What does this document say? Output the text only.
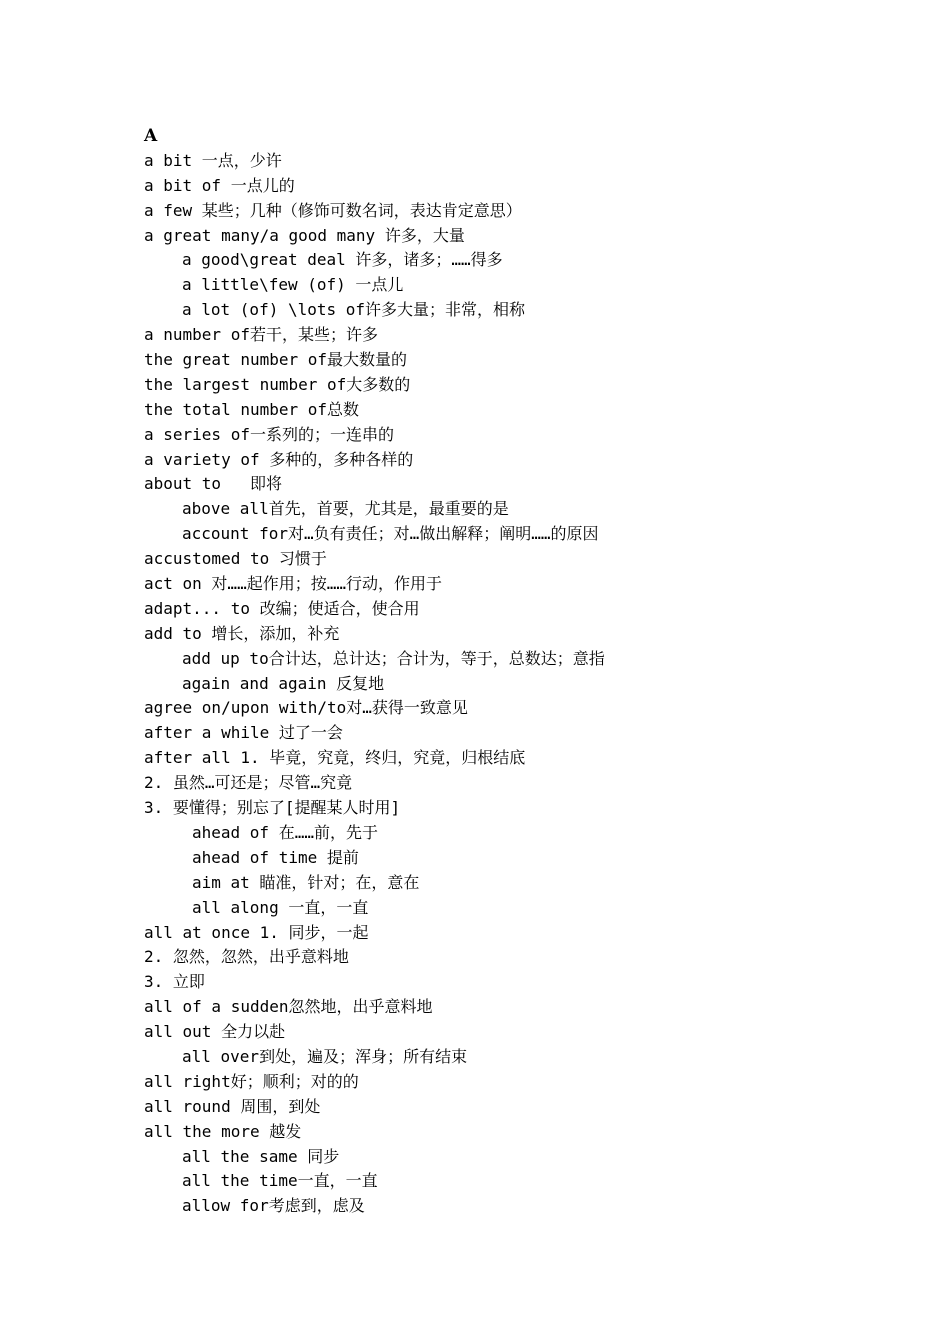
A
a bit 一点，少许
a bit of 一点儿的
a few 某些；几种（修饰可数名词，表达肯定意思）
a great many/a good many 许多，大量
a good\great deal 许多，诸多；……得多
a little\few (of) 一点儿
a lot (of) \lots of许多大量；非常，相称
a number of若干，某些；许多
the great number of最大数量的
the largest number of大多数的
the total number of总数
a series of一系列的；一连串的
a variety of 多种的，多种各样的
about to   即将
above all首先，首要，尤其是，最重要的是
account for对…负有责任；对…做出解释；阐明……的原因
accustomed to 习惯于
act on 对……起作用；按……行动，作用于
adapt... to 改编；使适合，使合用
add to 增长，添加，补充
add up to合计达，总计达；合计为，等于，总数达；意指
again and again 反复地
agree on/upon with/to对…获得一致意见
after a while 过了一会
after all 1. 毕竟，究竟，终归，究竟，归根结底
2. 虽然…可还是；尽管…究竟
3. 要懂得；别忘了[提醒某人时用]
ahead of 在……前，先于
ahead of time 提前
aim at 瞄准，针对；在，意在
all along 一直，一直
all at once 1. 同步，一起
2. 忽然，忽然，出乎意料地
3. 立即
all of a sudden忽然地，出乎意料地
all out 全力以赴
all over到处，遍及；浑身；所有结束
all right好；顺利；对的的
all round 周围，到处
all the more 越发
all the same 同步
all the time一直，一直
allow for考虑到，虑及
